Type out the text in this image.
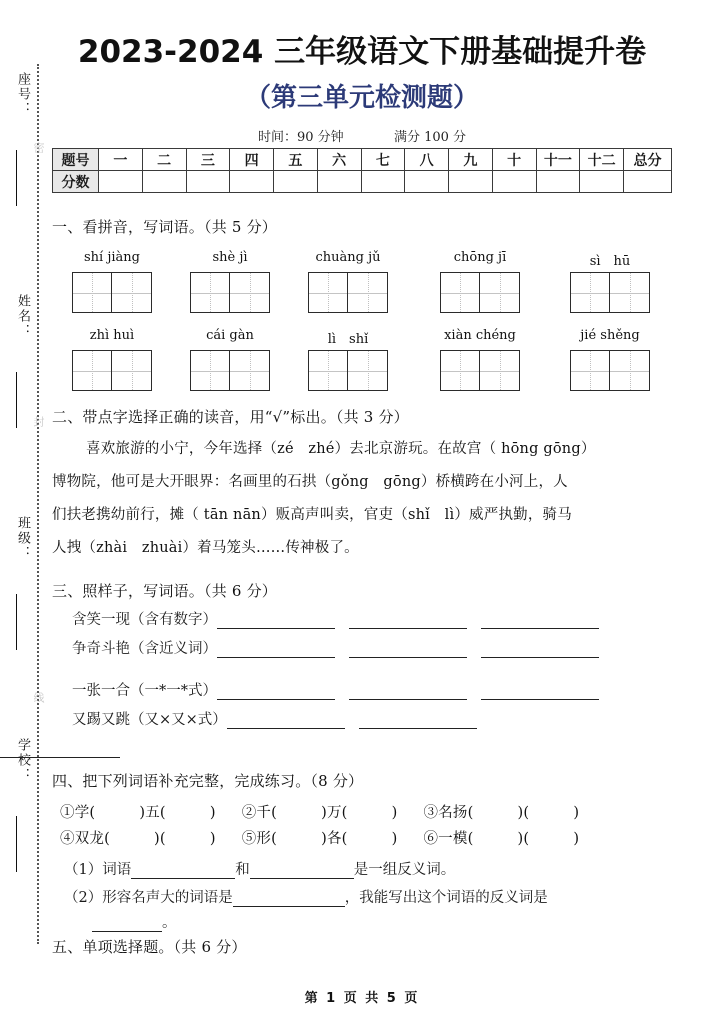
2023-2024 三年级语文下册基础提升卷
（第三单元检测题）
时间：90 分钟	满分 100 分
座号：
姓名：
班级：
学校：
密
封
线
题号	一	二	三	四	五	六	七	八	九	十	十一	十二	总分
分数													
一、看拼音，写词语。（共 5 分）
shí jiàng	shè jì	chuàng jǔ	chōng jī	sì　hū
zhì huì	cái gàn	lì　shǐ	xiàn chéng	jié shěng
二、带点字选择正确的读音，用“√”标出。（共 3 分）
喜欢旅游的小宁，今年选择（zé　zhé）去北京游玩。在故宫（ hōng gōng）
博物院，他可是大开眼界：名画里的石拱（gǒng　gōng）桥横跨在小河上，人
们扶老携幼前行，摊（ tān nān）贩高声叫卖，官吏（shǐ　lì）威严执勤，骑马
人拽（zhài　zhuài）着马笼头……传神极了。
三、照样子，写词语。（共 6 分）
含笑一现（含有数字）
争奇斗艳（含近义词）
一张一合（一*一*式）
又踢又跳（又×又×式）
四、把下列词语补充完整，完成练习。（8 分）
①学(　　　)五(　　　) ②千(　　　)万(　　　) ③名扬(　　　)(　　　)
④双龙(　　　)(　　　) ⑤形(　　　)各(　　　) ⑥一模(　　　)(　　　)
（1）词语	和	是一组反义词。
（2）形容名声大的词语是	，我能写出这个词语的反义词是
。
五、单项选择题。（共 6 分）
第 1 页 共 5 页
